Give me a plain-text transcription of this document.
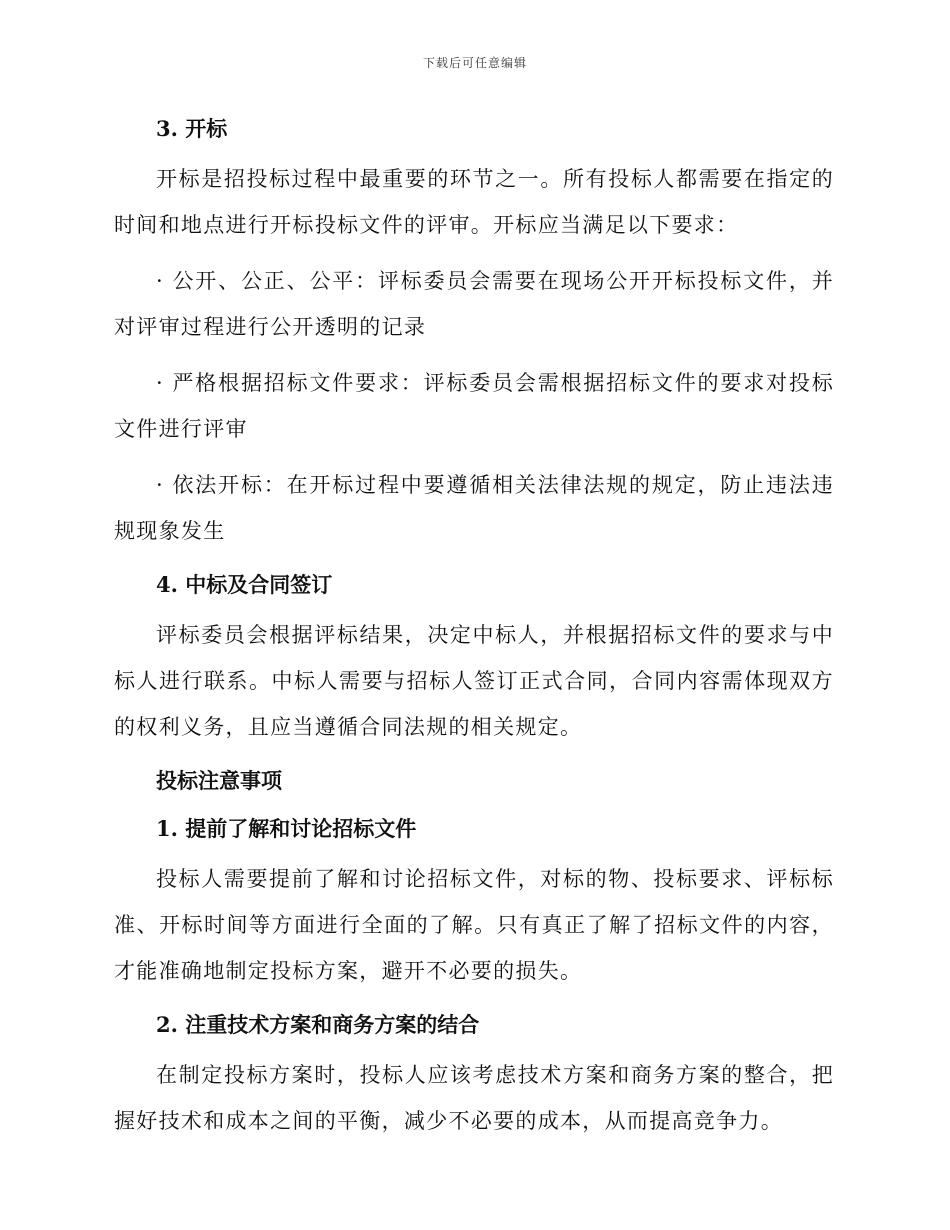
下载后可任意编辑

3. 开标

开标是招投标过程中最重要的环节之一。所有投标人都需要在指定的时间和地点进行开标投标文件的评审。开标应当满足以下要求：

· 公开、公正、公平：评标委员会需要在现场公开开标投标文件，并对评审过程进行公开透明的记录

· 严格根据招标文件要求：评标委员会需根据招标文件的要求对投标文件进行评审

· 依法开标：在开标过程中要遵循相关法律法规的规定，防止违法违规现象发生

4. 中标及合同签订

评标委员会根据评标结果，决定中标人，并根据招标文件的要求与中标人进行联系。中标人需要与招标人签订正式合同，合同内容需体现双方的权利义务，且应当遵循合同法规的相关规定。

投标注意事项

1. 提前了解和讨论招标文件

投标人需要提前了解和讨论招标文件，对标的物、投标要求、评标标准、开标时间等方面进行全面的了解。只有真正了解了招标文件的内容，才能准确地制定投标方案，避开不必要的损失。

2. 注重技术方案和商务方案的结合

在制定投标方案时，投标人应该考虑技术方案和商务方案的整合，把握好技术和成本之间的平衡，减少不必要的成本，从而提高竞争力。
